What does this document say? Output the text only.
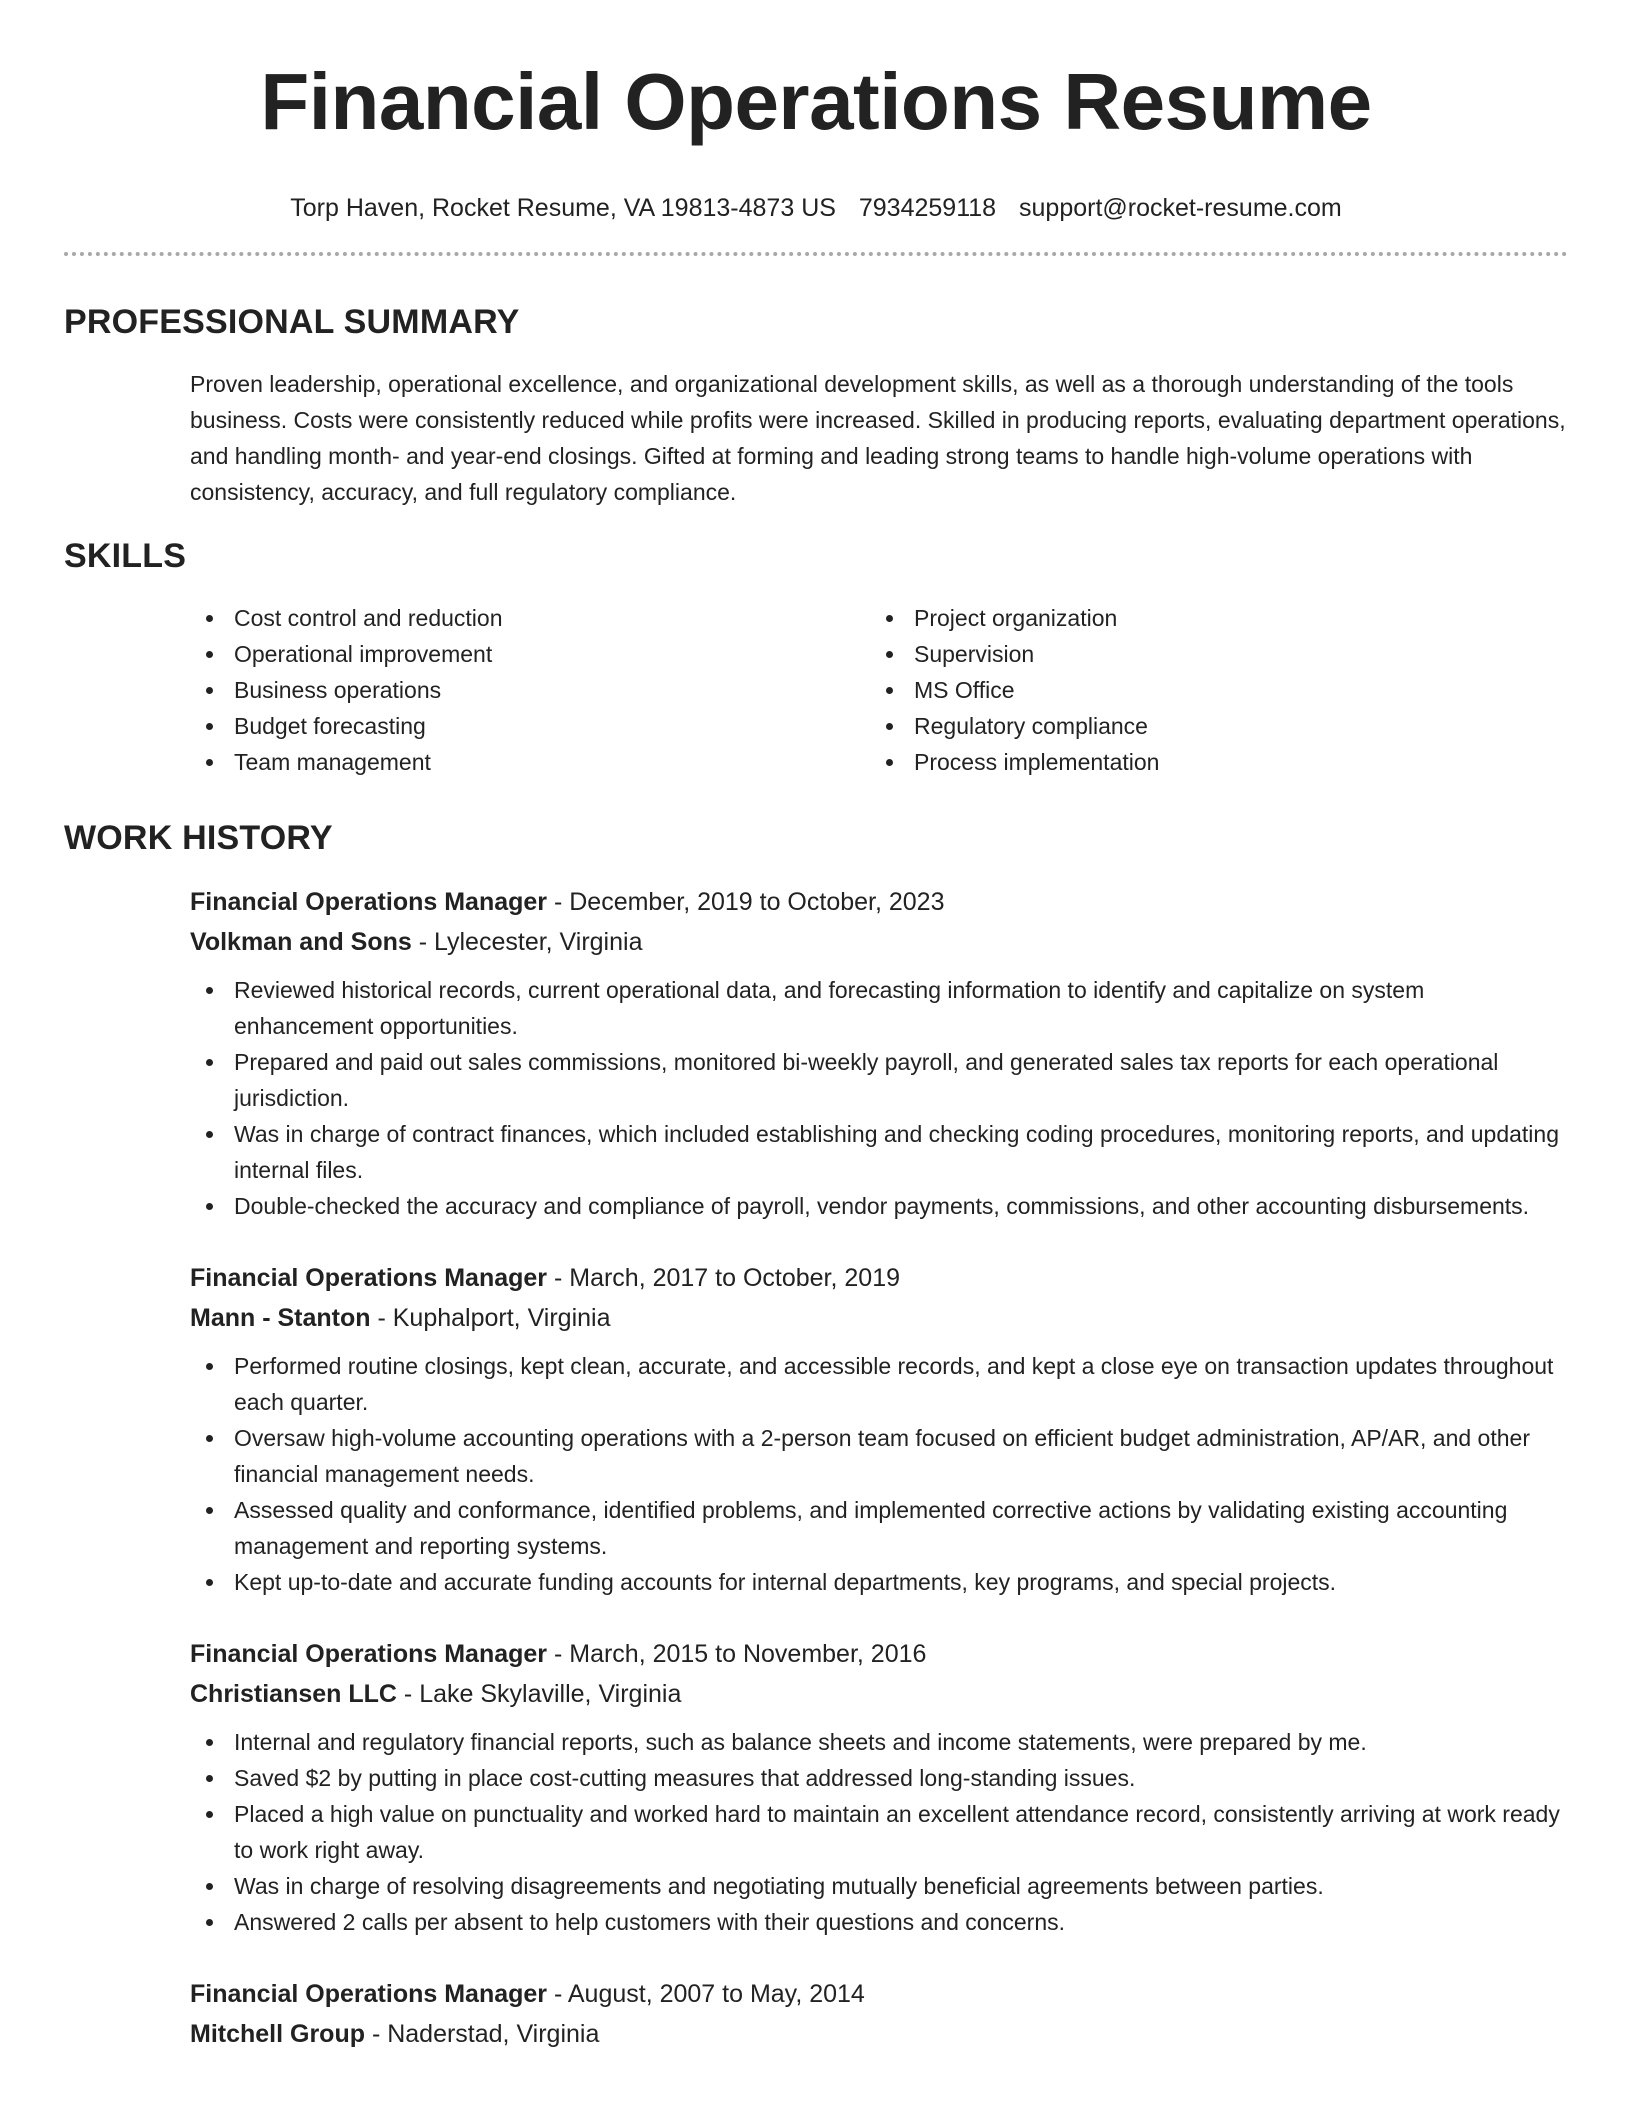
Financial Operations Resume
Torp Haven, Rocket Resume, VA 19813-4873 US 7934259118 support@rocket-resume.com
PROFESSIONAL SUMMARY
Proven leadership, operational excellence, and organizational development skills, as well as a thorough understanding of the tools business. Costs were consistently reduced while profits were increased. Skilled in producing reports, evaluating department operations, and handling month- and year-end closings. Gifted at forming and leading strong teams to handle high-volume operations with consistency, accuracy, and full regulatory compliance.
SKILLS
Cost control and reduction
Operational improvement
Business operations
Budget forecasting
Team management
Project organization
Supervision
MS Office
Regulatory compliance
Process implementation
WORK HISTORY
Financial Operations Manager - December, 2019 to October, 2023
Volkman and Sons - Lylecester, Virginia
Reviewed historical records, current operational data, and forecasting information to identify and capitalize on system enhancement opportunities.
Prepared and paid out sales commissions, monitored bi-weekly payroll, and generated sales tax reports for each operational jurisdiction.
Was in charge of contract finances, which included establishing and checking coding procedures, monitoring reports, and updating internal files.
Double-checked the accuracy and compliance of payroll, vendor payments, commissions, and other accounting disbursements.
Financial Operations Manager - March, 2017 to October, 2019
Mann - Stanton - Kuphalport, Virginia
Performed routine closings, kept clean, accurate, and accessible records, and kept a close eye on transaction updates throughout each quarter.
Oversaw high-volume accounting operations with a 2-person team focused on efficient budget administration, AP/AR, and other financial management needs.
Assessed quality and conformance, identified problems, and implemented corrective actions by validating existing accounting management and reporting systems.
Kept up-to-date and accurate funding accounts for internal departments, key programs, and special projects.
Financial Operations Manager - March, 2015 to November, 2016
Christiansen LLC - Lake Skylaville, Virginia
Internal and regulatory financial reports, such as balance sheets and income statements, were prepared by me.
Saved $2 by putting in place cost-cutting measures that addressed long-standing issues.
Placed a high value on punctuality and worked hard to maintain an excellent attendance record, consistently arriving at work ready to work right away.
Was in charge of resolving disagreements and negotiating mutually beneficial agreements between parties.
Answered 2 calls per absent to help customers with their questions and concerns.
Financial Operations Manager - August, 2007 to May, 2014
Mitchell Group - Naderstad, Virginia
